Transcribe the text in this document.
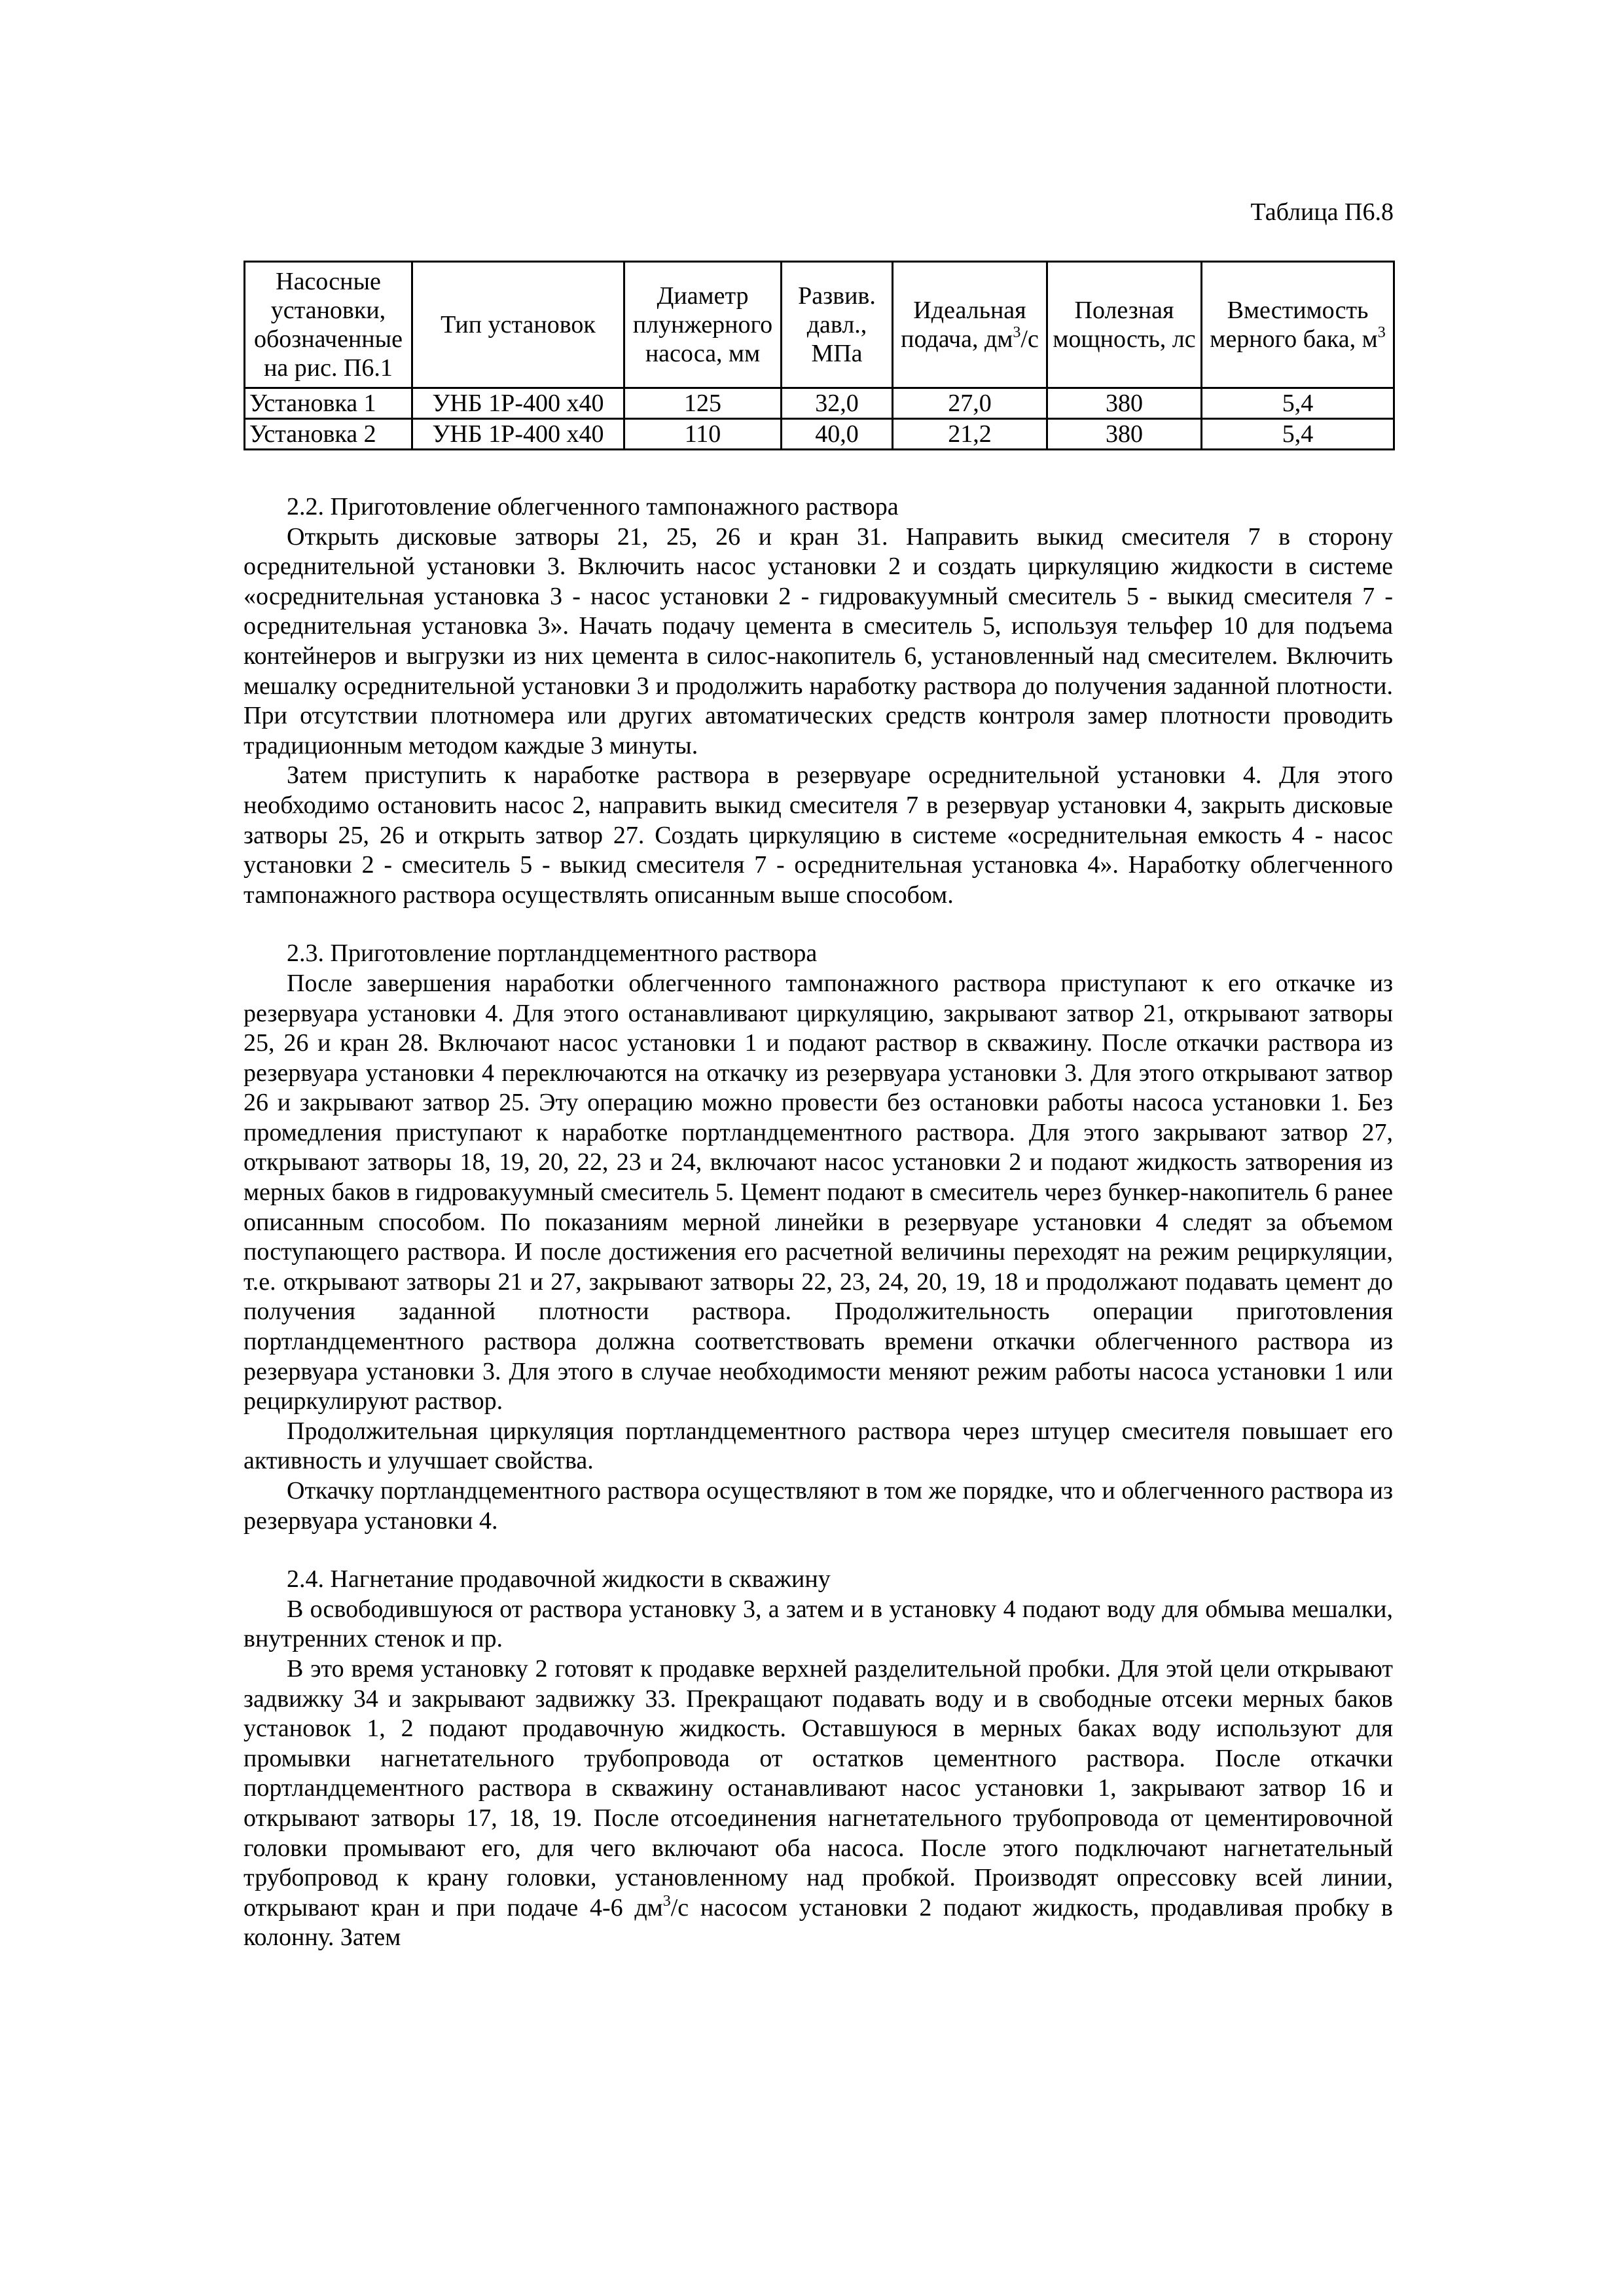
Таблица П6.8

Насосные установки, обозначенные на рис. П6.1	Тип установок	Диаметр плунжерного насоса, мм	Развив. давл., МПа	Идеальная подача, $дм^3/с$	Полезная мощность, лс	Вместимость мерного бака, $м^3$
Установка 1	УНБ 1Р-400 х40	125	32,0	27,0	380	5,4
Установка 2	УНБ 1Р-400 х40	110	40,0	21,2	380	5,4
2.2. Приготовление облегченного тампонажного раствора

Открыть дисковые затворы 21, 25, 26 и кран 31. Направить выкид смесителя 7 в сторону осреднительной установки 3. Включить насос установки 2 и создать циркуляцию жидкости в системе «осреднительная установка 3 - насос установки 2 - гидровакуумный смеситель 5 - выкид смесителя 7 - осреднительная установка 3». Начать подачу цемента в смеситель 5, используя тельфер 10 для подъема контейнеров и выгрузки из них цемента в силос-накопитель 6, установленный над смесителем. Включить мешалку осреднительной установки 3 и продолжить наработку раствора до получения заданной плотности. При отсутствии плотномера или других автоматических средств контроля замер плотности проводить традиционным методом каждые 3 минуты.

Затем приступить к наработке раствора в резервуаре осреднительной установки 4. Для этого необходимо остановить насос 2, направить выкид смесителя 7 в резервуар установки 4, закрыть дисковые затворы 25, 26 и открыть затвор 27. Создать циркуляцию в системе «осреднительная емкость 4 - насос установки 2 - смеситель 5 - выкид смесителя 7 - осреднительная установка 4». Наработку облегченного тампонажного раствора осуществлять описанным выше способом.

2.3. Приготовление портландцементного раствора

После завершения наработки облегченного тампонажного раствора приступают к его откачке из резервуара установки 4. Для этого останавливают циркуляцию, закрывают затвор 21, открывают затворы 25, 26 и кран 28. Включают насос установки 1 и подают раствор в скважину. После откачки раствора из резервуара установки 4 переключаются на откачку из резервуара установки 3. Для этого открывают затвор 26 и закрывают затвор 25. Эту операцию можно провести без остановки работы насоса установки 1. Без промедления приступают к наработке портландцементного раствора. Для этого закрывают затвор 27, открывают затворы 18, 19, 20, 22, 23 и 24, включают насос установки 2 и подают жидкость затворения из мерных баков в гидровакуумный смеситель 5. Цемент подают в смеситель через бункер-накопитель 6 ранее описанным способом. По показаниям мерной линейки в резервуаре установки 4 следят за объемом поступающего раствора. И после достижения его расчетной величины переходят на режим рециркуляции, т.е. открывают затворы 21 и 27, закрывают затворы 22, 23, 24, 20, 19, 18 и продолжают подавать цемент до получения заданной плотности раствора. Продолжительность операции приготовления портландцементного раствора должна соответствовать времени откачки облегченного раствора из резервуара установки 3. Для этого в случае необходимости меняют режим работы насоса установки 1 или рециркулируют раствор.

Продолжительная циркуляция портландцементного раствора через штуцер смесителя повышает его активность и улучшает свойства.

Откачку портландцементного раствора осуществляют в том же порядке, что и облегченного раствора из резервуара установки 4.

2.4. Нагнетание продавочной жидкости в скважину

В освободившуюся от раствора установку 3, а затем и в установку 4 подают воду для обмыва мешалки, внутренних стенок и пр.

В это время установку 2 готовят к продавке верхней разделительной пробки. Для этой цели открывают задвижку 34 и закрывают задвижку 33. Прекращают подавать воду и в свободные отсеки мерных баков установок 1, 2 подают продавочную жидкость. Оставшуюся в мерных баках воду используют для промывки нагнетательного трубопровода от остатков цементного раствора. После откачки портландцементного раствора в скважину останавливают насос установки 1, закрывают затвор 16 и открывают затворы 17, 18, 19. После отсоединения нагнетательного трубопровода от цементировочной головки промывают его, для чего включают оба насоса. После этого подключают нагнетательный трубопровод к крану головки, установленному над пробкой. Производят опрессовку всей линии, открывают кран и при подаче 4-6 $дм^3/с$ насосом установки 2 подают жидкость, продавливая пробку в колонну. Затем
